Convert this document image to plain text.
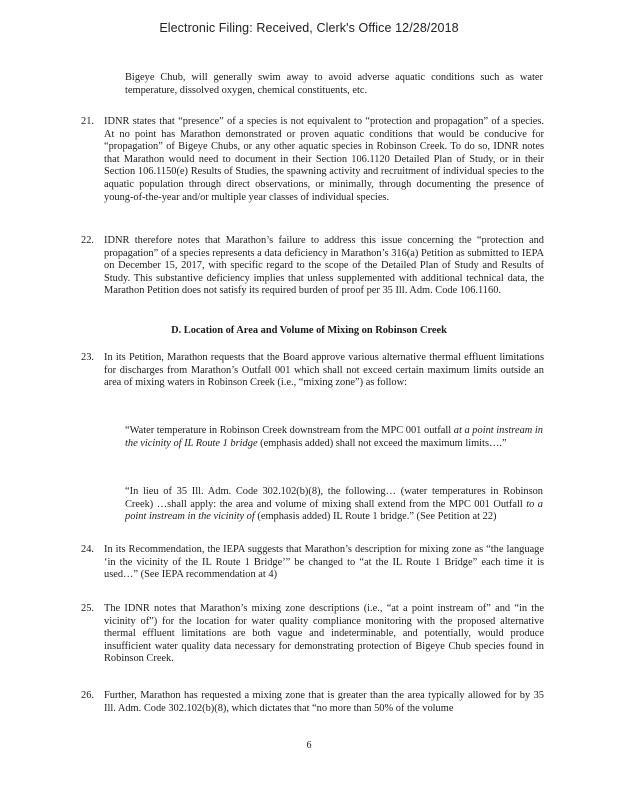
Electronic Filing: Received, Clerk's Office 12/28/2018

Bigeye Chub, will generally swim away to avoid adverse aquatic conditions such as water temperature, dissolved oxygen, chemical constituents, etc.

21. IDNR states that “presence” of a species is not equivalent to “protection and propagation” of a species. At no point has Marathon demonstrated or proven aquatic conditions that would be conducive for “propagation” of Bigeye Chubs, or any other aquatic species in Robinson Creek. To do so, IDNR notes that Marathon would need to document in their Section 106.1120 Detailed Plan of Study, or in their Section 106.1150(e) Results of Studies, the spawning activity and recruitment of individual species to the aquatic population through direct observations, or minimally, through documenting the presence of young-of-the-year and/or multiple year classes of individual species.
22. IDNR therefore notes that Marathon’s failure to address this issue concerning the “protection and propagation” of a species represents a data deficiency in Marathon’s 316(a) Petition as submitted to IEPA on December 15, 2017, with specific regard to the scope of the Detailed Plan of Study and Results of Study. This substantive deficiency implies that unless supplemented with additional technical data, the Marathon Petition does not satisfy its required burden of proof per 35 Ill. Adm. Code 106.1160.
D. Location of Area and Volume of Mixing on Robinson Creek
23. In its Petition, Marathon requests that the Board approve various alternative thermal effluent limitations for discharges from Marathon’s Outfall 001 which shall not exceed certain maximum limits outside an area of mixing waters in Robinson Creek (i.e., “mixing zone”) as follow:

“Water temperature in Robinson Creek downstream from the MPC 001 outfall at a point instream in the vicinity of IL Route 1 bridge (emphasis added) shall not exceed the maximum limits….”

“In lieu of 35 Ill. Adm. Code 302.102(b)(8), the following… (water temperatures in Robinson Creek) …shall apply: the area and volume of mixing shall extend from the MPC 001 Outfall to a point instream in the vicinity of (emphasis added) IL Route 1 bridge.” (See Petition at 22)

24. In its Recommendation, the IEPA suggests that Marathon’s description for mixing zone as “the language ‘in the vicinity of the IL Route 1 Bridge’” be changed to “at the IL Route 1 Bridge” each time it is used…” (See IEPA recommendation at 4)
25. The IDNR notes that Marathon’s mixing zone descriptions (i.e., “at a point instream of” and “in the vicinity of”) for the location for water quality compliance monitoring with the proposed alternative thermal effluent limitations are both vague and indeterminable, and potentially, would produce insufficient water quality data necessary for demonstrating protection of Bigeye Chub species found in Robinson Creek.
26. Further, Marathon has requested a mixing zone that is greater than the area typically allowed for by 35 Ill. Adm. Code 302.102(b)(8), which dictates that “no more than 50% of the volume
6
